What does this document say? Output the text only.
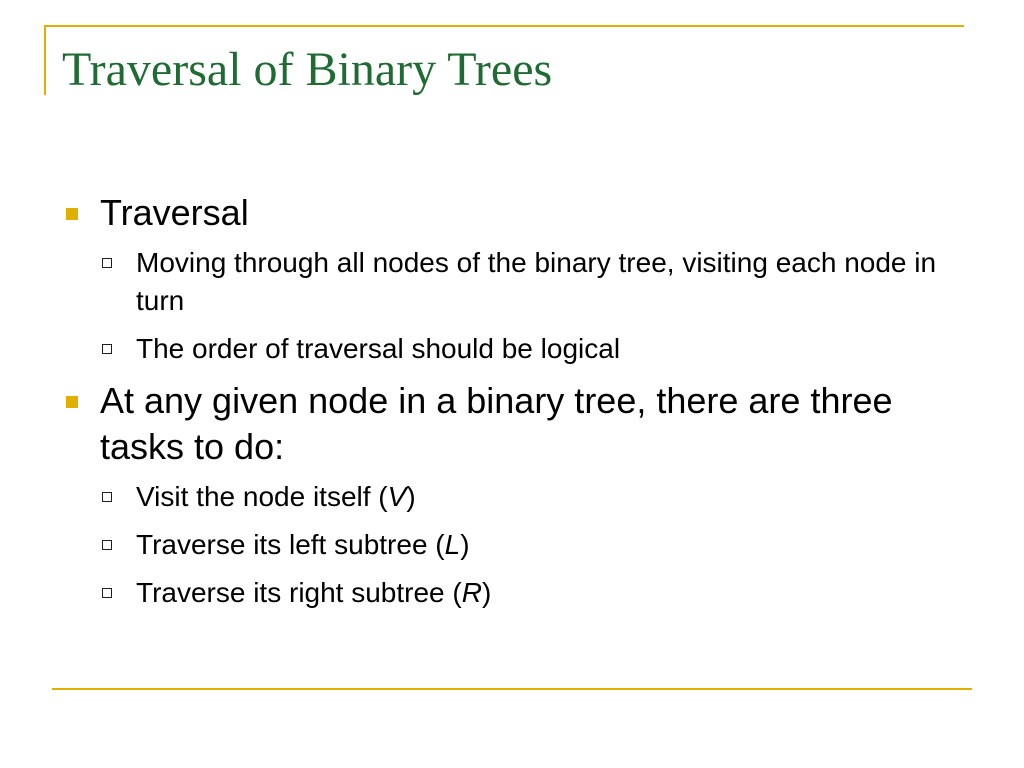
Traversal of Binary Trees
Traversal
Moving through all nodes of the binary tree, visiting each node in turn
The order of traversal should be logical
At any given node in a binary tree, there are three tasks to do:
Visit the node itself (V)
Traverse its left subtree (L)
Traverse its right subtree (R)
